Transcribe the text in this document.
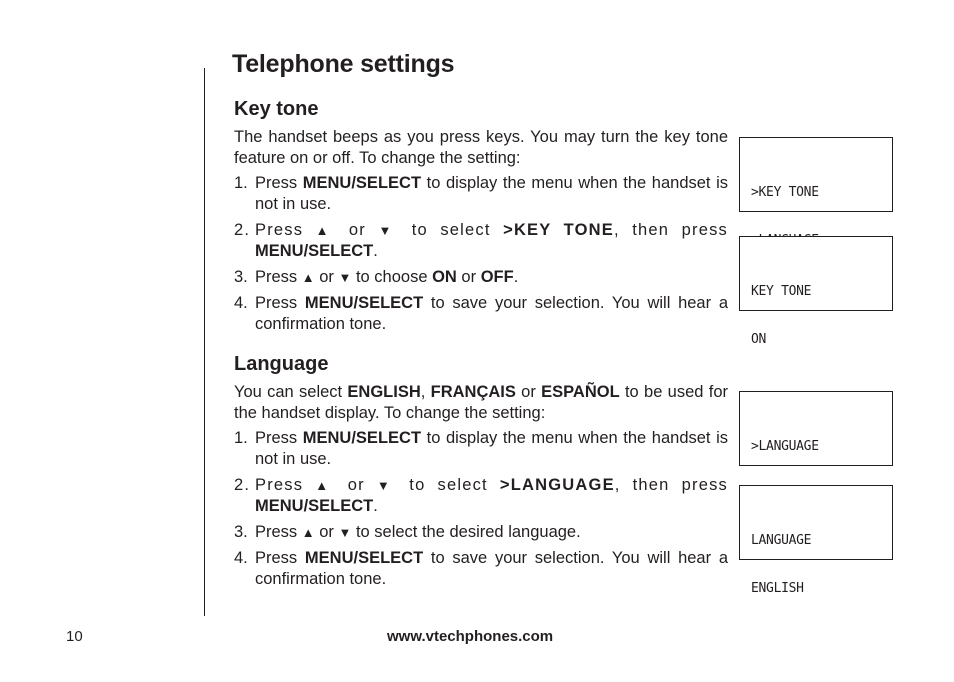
Telephone settings
Key tone

The handset beeps as you press keys. You may turn the key tone feature on or off. To change the setting:

1. Press MENU/SELECT to display the menu when the handset is not in use.
2. Press ▲ or ▼ to select >KEY TONE, then press MENU/SELECT.
3. Press ▲ or ▼ to choose ON or OFF.
4. Press MENU/SELECT to save your selection. You will hear a confirmation tone.
Language

You can select ENGLISH, FRANÇAIS or ESPAÑOL to be used for the handset display. To change the setting:

1. Press MENU/SELECT to display the menu when the handset is not in use.
2. Press ▲ or ▼ to select >LANGUAGE, then press MENU/SELECT.
3. Press ▲ or ▼ to select the desired language.
4. Press MENU/SELECT to save your selection. You will hear a confirmation tone.

>KEY TONE

KEY TONE

ON

>LANGUAGE

LANGUAGE

ENGLISH

10	www.vtechphones.com
